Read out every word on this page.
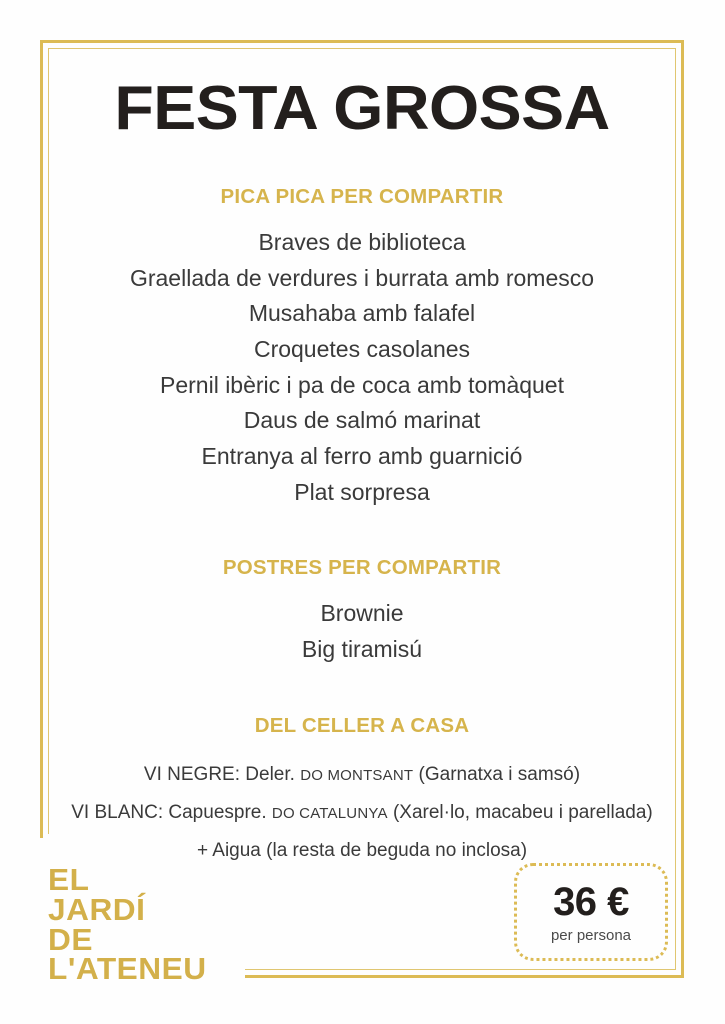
FESTA GROSSA
PICA PICA PER COMPARTIR
Braves de biblioteca
Graellada de verdures i burrata amb romesco
Musahaba amb falafel
Croquetes casolanes
Pernil ibèric i pa de coca amb tomàquet
Daus de salmó marinat
Entranya al ferro amb guarnició
Plat sorpresa
POSTRES PER COMPARTIR
Brownie
Big tiramisú
DEL CELLER A CASA
VI NEGRE: Deler. DO MONTSANT (Garnatxa i samsó)
VI BLANC: Capuespre. DO CATALUNYA (Xarel·lo, macabeu i parellada)
+ Aigua (la resta de beguda no inclosa)
EL
JARDÍ
DE
L'ATENEU
36 €
per persona
